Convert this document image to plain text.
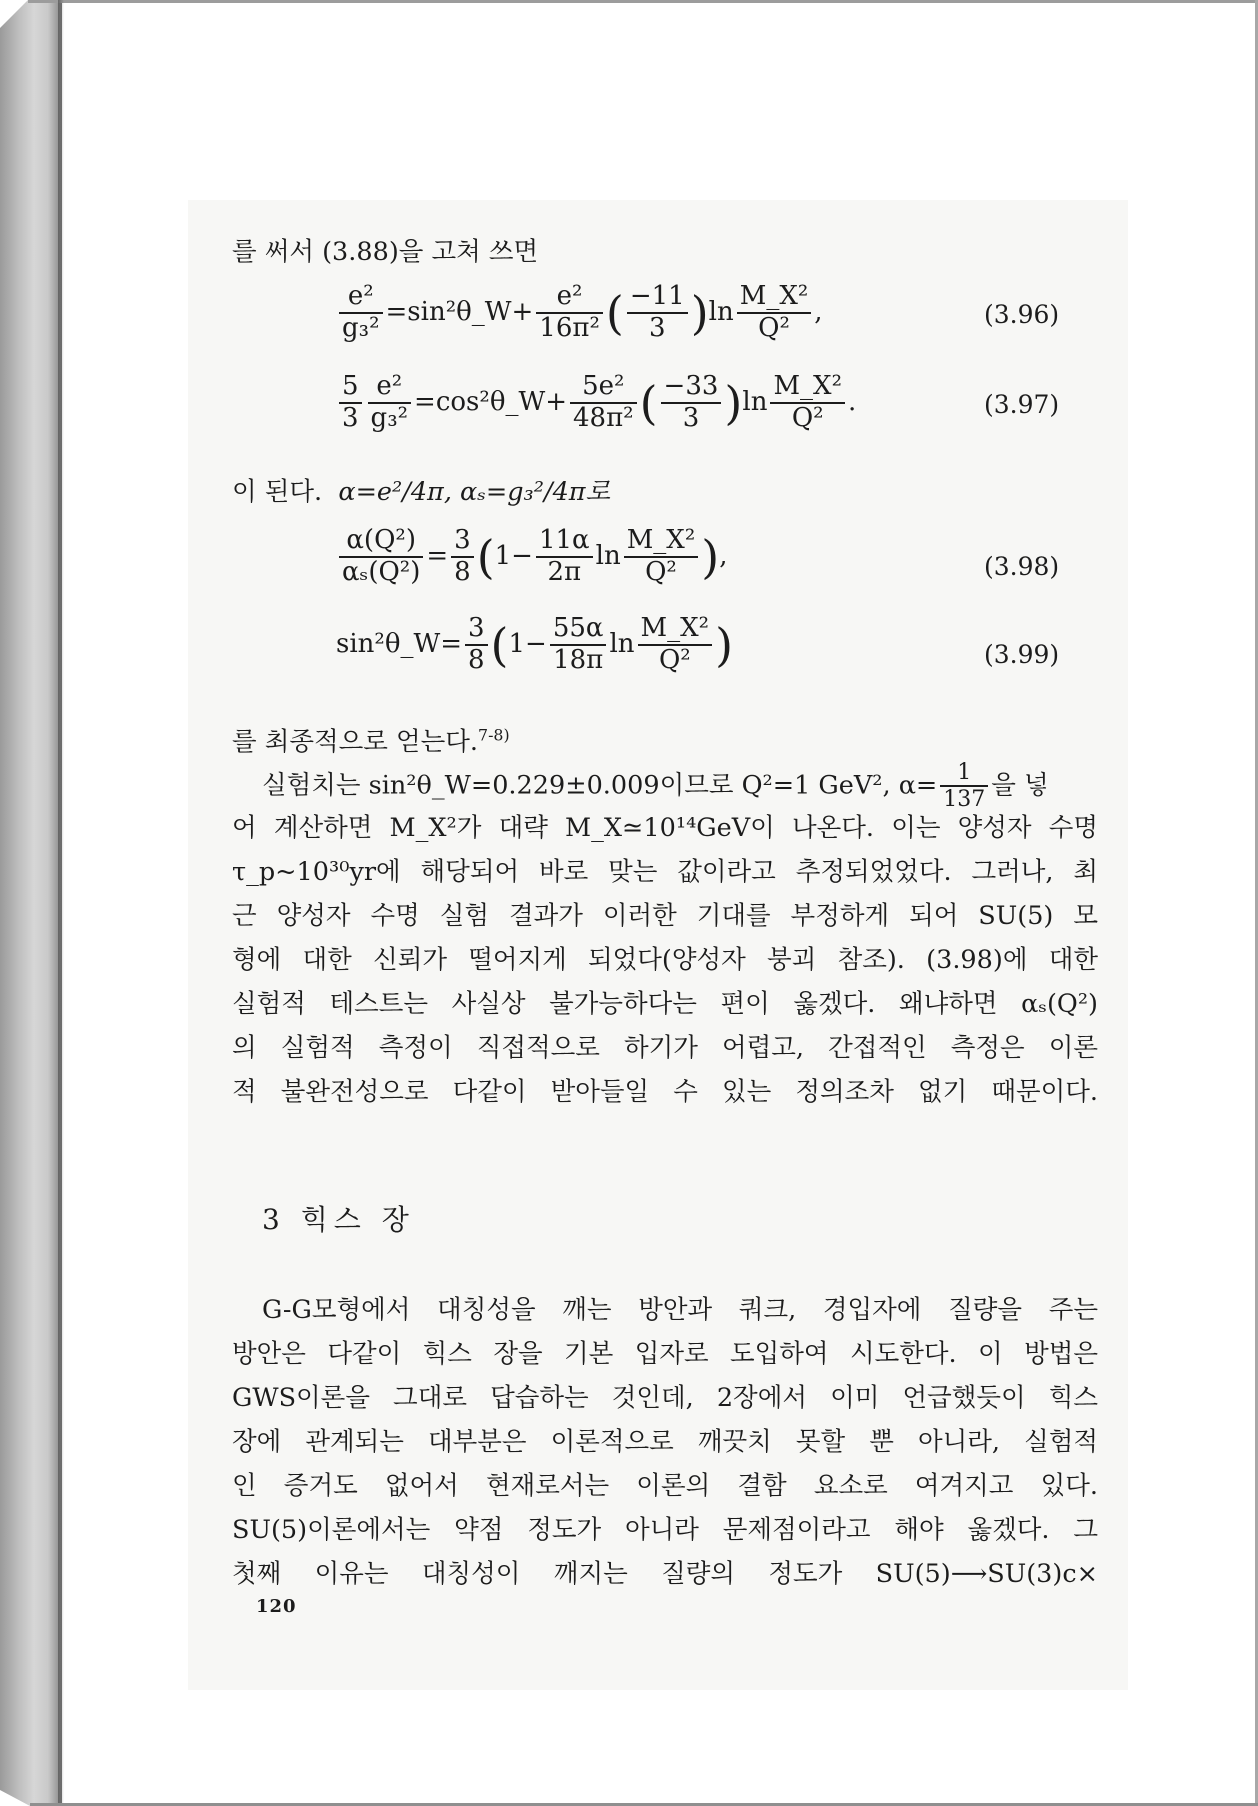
를 써서 (3.88)을 고쳐 쓰면
$\frac{\text{e²}}{\text{g₃²}}$ =sin²θ_W+ $\frac{\text{e²}}{\text{16π²}}$ ( $\frac{-11}{3} )\ln \frac{\text{M\_X²}}{\text{Q²}}$ ,	(3.96)
$\frac{5}{3} \frac{\text{e²}}{\text{g₃²}}$ =cos²θ_W+ $\frac{\text{5e²}}{\text{48π²}}$ ( $\frac{-33}{3} )\ln \frac{\text{M\_X²}}{\text{Q²}}$ .	(3.97)
이 된다. α=e²/4π, αₛ=g₃²/4π로
$\frac{\text{α(Q²)}}{\text{αₛ(Q²)}} = \frac{3}{8} (1- \frac{11\alpha}{2\pi}$ $\ln \frac{\text{M\_X²}}{\text{Q²}}$ ),	(3.98)
sin²θ_W= $\frac{3}{8} (1- \frac{55\alpha}{18\pi}$ $\ln \frac{\text{M\_X²}}{\text{Q²}}$ )	(3.99)
를 최종적으로 얻는다.$^{7-8)}$
실험치는 sin²θ_W=0.229±0.009이므로 Q²=1 GeV², $\alpha= \frac{1}{137}$ 을 넣
어 계산하면 M_X²가 대략 M_X≃10¹⁴GeV이 나온다. 이는 양성자 수명
τ_p~10³⁰yr에 해당되어 바로 맞는 값이라고 추정되었었다. 그러나, 최
근 양성자 수명 실험 결과가 이러한 기대를 부정하게 되어 SU(5) 모
형에 대한 신뢰가 떨어지게 되었다(양성자 붕괴 참조). (3.98)에 대한
실험적 테스트는 사실상 불가능하다는 편이 옳겠다. 왜냐하면 αₛ(Q²)
의 실험적 측정이 직접적으로 하기가 어렵고, 간접적인 측정은 이론
적 불완전성으로 다같이 받아들일 수 있는 정의조차 없기 때문이다.
3 힉스 장
G-G모형에서 대칭성을 깨는 방안과 쿼크, 경입자에 질량을 주는
방안은 다같이 힉스 장을 기본 입자로 도입하여 시도한다. 이 방법은
GWS이론을 그대로 답습하는 것인데, 2장에서 이미 언급했듯이 힉스
장에 관계되는 대부분은 이론적으로 깨끗치 못할 뿐 아니라, 실험적
인 증거도 없어서 현재로서는 이론의 결함 요소로 여겨지고 있다.
SU(5)이론에서는 약점 정도가 아니라 문제점이라고 해야 옳겠다. 그
첫째 이유는 대칭성이 깨지는 질량의 정도가 SU(5)⟶SU(3)c×
120
